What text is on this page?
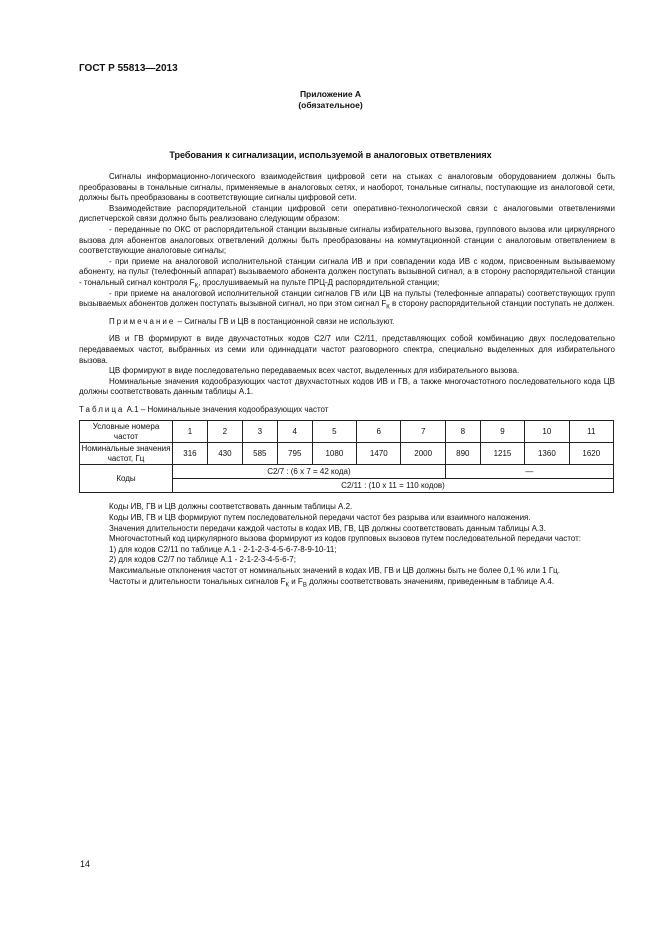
ГОСТ Р 55813—2013
Приложение А
(обязательное)
Требования к сигнализации, используемой в аналоговых ответвлениях

Сигналы информационно-логического взаимодействия цифровой сети на стыках с аналоговым оборудованием должны быть преобразованы в тональные сигналы, применяемые в аналоговых сетях, и наоборот, тональные сигналы, поступающие из аналоговой сети, должны быть преобразованы в соответствующие сигналы цифровой сети.

Взаимодействие распорядительной станции цифровой сети оперативно-технологической связи с аналоговыми ответвлениями диспетчерской связи должно быть реализовано следующим образом:

- переданные по ОКС от распорядительной станции вызывные сигналы избирательного вызова, группового вызова или циркулярного вызова для абонентов аналоговых ответвлений должны быть преобразованы на коммутационной станции с аналоговым ответвлением в соответствующие аналоговые сигналы;

- при приеме на аналоговой исполнительной станции сигнала ИВ и при совпадении кода ИВ с кодом, присвоенным вызываемому абоненту, на пульт (телефонный аппарат) вызываемого абонента должен поступать вызывной сигнал, а в сторону распорядительной станции - тональный сигнал контроля $F_К$, прослушиваемый на пульте ПРЦ-Д распорядительной станции;

- при приеме на аналоговой исполнительной станции сигналов ГВ или ЦВ на пульты (телефонные аппараты) соответствующих групп вызываемых абонентов должен поступать вызывной сигнал, но при этом сигнал $F_К$ в сторону распорядительной станции поступать не должен.

Примечание – Сигналы ГВ и ЦВ в постанционной связи не используют.

ИВ и ГВ формируют в виде двухчастотных кодов С2/7 или С2/11, представляющих собой комбинацию двух последовательно передаваемых частот, выбранных из семи или одиннадцати частот разговорного спектра, специально выделенных для избирательного вызова.

ЦВ формируют в виде последовательно передаваемых всех частот, выделенных для избирательного вызова.

Номинальные значения кодообразующих частот двухчастотных кодов ИВ и ГВ, а также многочастотного последовательного кода ЦВ должны соответствовать данным таблицы А.1.

Таблица А.1 – Номинальные значения кодообразующих частот

Условные номера частот	1	2	3	4	5	6	7	8	9	10	11
Номинальные значения частот, Гц	316	430	585	795	1080	1470	2000	890	1215	1360	1620
Коды	С2/7 : (6 х 7 = 42 кода)							—			
	С2/11 : (10 х 11 = 110 кодов)										

Коды ИВ, ГВ и ЦВ должны соответствовать данным таблицы А.2.

Коды ИВ, ГВ и ЦВ формируют путем последовательной передачи частот без разрыва или взаимного наложения.

Значения длительности передачи каждой частоты в кодах ИВ, ГВ, ЦВ должны соответствовать данным таблицы А.3.

Многочастотный код циркулярного вызова формируют из кодов групповых вызовов путем последовательной передачи частот:

1) для кодов С2/11 по таблице А.1 - 2-1-2-3-4-5-6-7-8-9-10-11;

2) для кодов С2/7 по таблице А.1 - 2-1-2-3-4-5-6-7;

Максимальные отклонения частот от номинальных значений в кодах ИВ, ГВ и ЦВ должны быть не более 0,1 % или 1 Гц.

Частоты и длительности тональных сигналов $F_К$ и $F_В$ должны соответствовать значениям, приведенным в таблице А.4.

14
